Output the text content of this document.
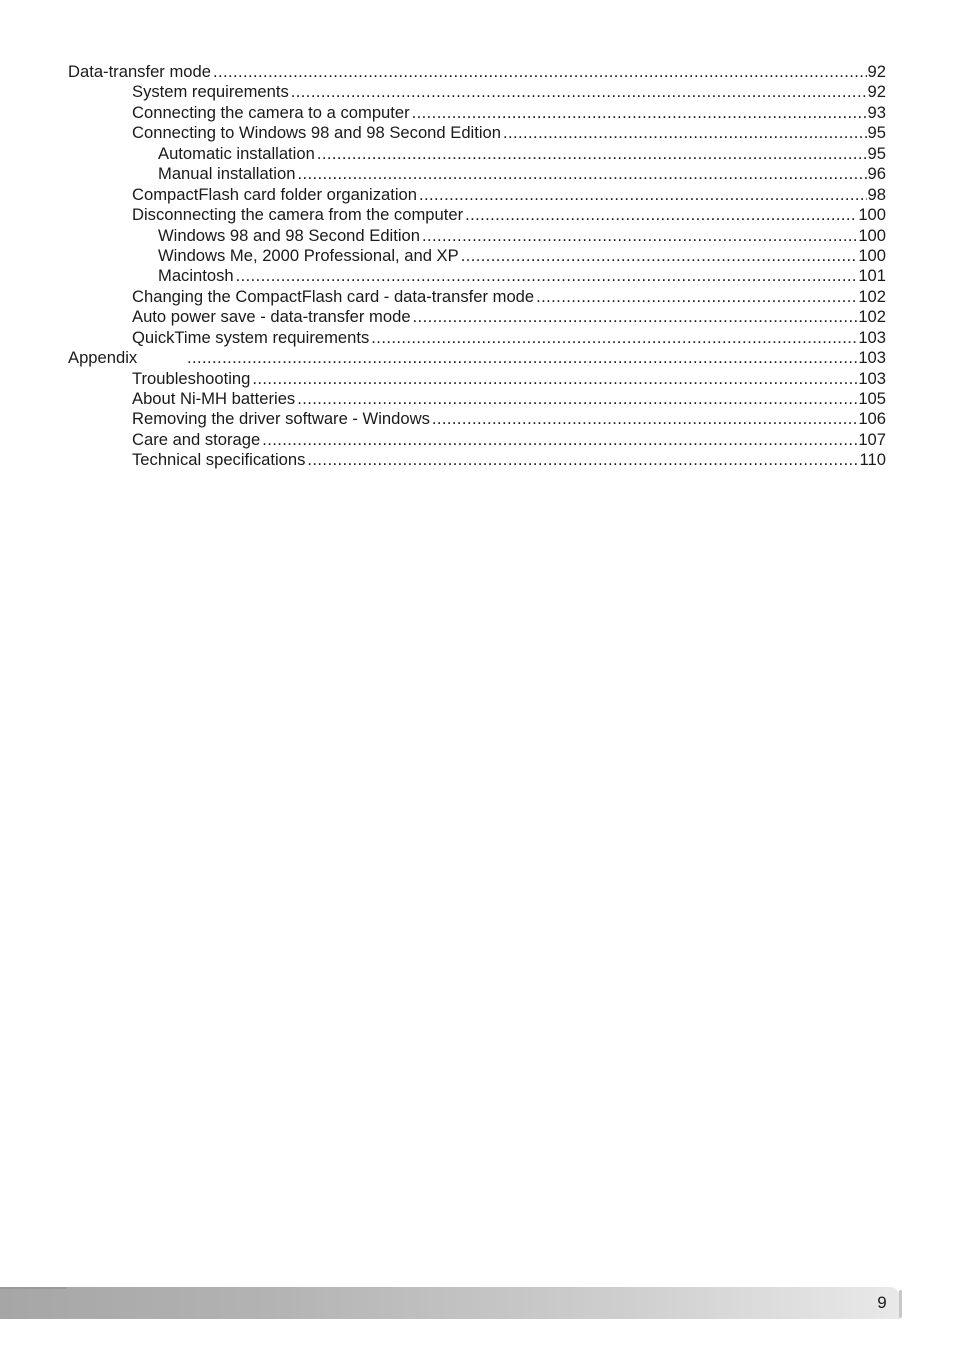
Data-transfer mode .....	92
System requirements .....	92
Connecting the camera to a computer .....	93
Connecting to Windows 98 and 98 Second Edition .....	95
Automatic installation .....	95
Manual installation .....	96
CompactFlash card folder organization .....	98
Disconnecting the camera from the computer .....	100
Windows 98 and 98 Second Edition .....	100
Windows Me, 2000 Professional, and XP .....	100
Macintosh .....	101
Changing the CompactFlash card - data-transfer mode .....	102
Auto power save - data-transfer mode .....	102
QuickTime system requirements .....	103
Appendix .....	103
Troubleshooting .....	103
About Ni-MH batteries .....	105
Removing the driver software - Windows .....	106
Care and storage .....	107
Technical specifications .....	110
9
